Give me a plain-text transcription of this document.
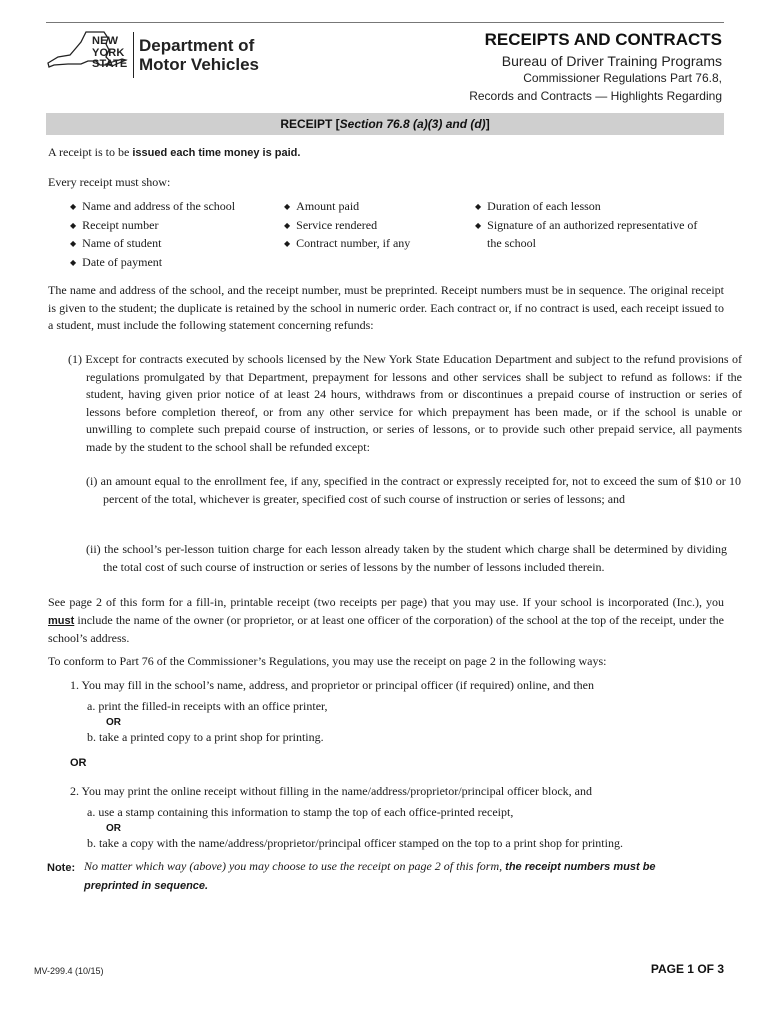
NEW
YORK
STATE
Department of
Motor Vehicles
RECEIPTS AND CONTRACTS
Bureau of Driver Training Programs
Commissioner Regulations Part 76.8,
Records and Contracts — Highlights Regarding
RECEIPT [Section 76.8 (a)(3) and (d)]
A receipt is to be issued each time money is paid.
Every receipt must show:
◆ Name and address of the school
◆ Receipt number
◆ Name of student
◆ Date of payment
◆ Amount paid
◆ Service rendered
◆ Contract number, if any
◆ Duration of each lesson
◆ Signature of an authorized representative of
the school
The name and address of the school, and the receipt number, must be preprinted. Receipt numbers must be in sequence. The original receipt is given to the student; the duplicate is retained by the school in numeric order. Each contract or, if no contract is used, each receipt issued to a student, must include the following statement concerning refunds:
(1) Except for contracts executed by schools licensed by the New York State Education Department and subject to the refund provisions of regulations promulgated by that Department, prepayment for lessons and other services shall be subject to refund as follows: if the student, having given prior notice of at least 24 hours, withdraws from or discontinues a prepaid course of instruction or series of lessons before completion thereof, or from any other service for which prepayment has been made, or if the school is unable or unwilling to complete such prepaid course of instruction, or series of lessons, or to provide such other prepaid service, all payments made by the student to the school shall be refunded except:
(i) an amount equal to the enrollment fee, if any, specified in the contract or expressly receipted for, not to exceed the sum of $10 or 10 percent of the total, whichever is greater, specified cost of such course of instruction or series of lessons; and
(ii) the school’s per-lesson tuition charge for each lesson already taken by the student which charge shall be determined by dividing the total cost of such course of instruction or series of lessons by the number of lessons included therein.
See page 2 of this form for a fill-in, printable receipt (two receipts per page) that you may use. If your school is incorporated (Inc.), you must include the name of the owner (or proprietor, or at least one officer of the corporation) of the school at the top of the receipt, under the school’s address.
To conform to Part 76 of the Commissioner’s Regulations, you may use the receipt on page 2 in the following ways:
1. You may fill in the school’s name, address, and proprietor or principal officer (if required) online, and then
a. print the filled-in receipts with an office printer,
OR
b. take a printed copy to a print shop for printing.
OR
2. You may print the online receipt without filling in the name/address/proprietor/principal officer block, and
a. use a stamp containing this information to stamp the top of each office-printed receipt,
OR
b. take a copy with the name/address/proprietor/principal officer stamped on the top to a print shop for printing.
Note: No matter which way (above) you may choose to use the receipt on page 2 of this form, the receipt numbers must be preprinted in sequence.
MV-299.4 (10/15)	PAGE 1 OF 3
